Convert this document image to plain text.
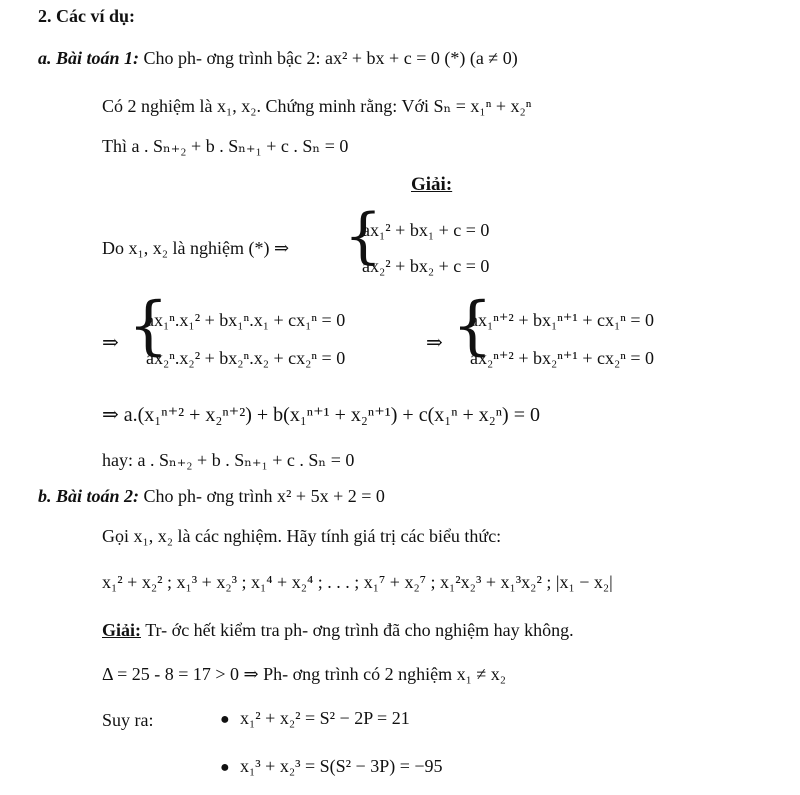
2. Các ví dụ:
a. Bài toán 1: Cho ph- ơng trình bậc 2: ax² + bx + c = 0 (*) (a ≠ 0)
Có 2 nghiệm là x₁, x₂. Chứng minh rằng: Với Sₙ = x₁ⁿ + x₂ⁿ
Thì a . Sₙ₊₂ + b . Sₙ₊₁ + c . Sₙ = 0
Giải:
Do x₁, x₂ là nghiệm (*) ⇒ {
ax₁² + bx₁ + c = 0
ax₂² + bx₂ + c = 0
⇒ {
ax₁ⁿ.x₁² + bx₁ⁿ.x₁ + cx₁ⁿ = 0
ax₂ⁿ.x₂² + bx₂ⁿ.x₂ + cx₂ⁿ = 0
⇒ {
ax₁ⁿ⁺² + bx₁ⁿ⁺¹ + cx₁ⁿ = 0
ax₂ⁿ⁺² + bx₂ⁿ⁺¹ + cx₂ⁿ = 0
⇒ a.(x₁ⁿ⁺² + x₂ⁿ⁺²) + b(x₁ⁿ⁺¹ + x₂ⁿ⁺¹) + c(x₁ⁿ + x₂ⁿ) = 0
hay: a . Sₙ₊₂ + b . Sₙ₊₁ + c . Sₙ = 0
b. Bài toán 2: Cho ph- ơng trình x² + 5x + 2 = 0
Gọi x₁, x₂ là các nghiệm. Hãy tính giá trị các biểu thức:
x₁² + x₂² ; x₁³ + x₂³ ; x₁⁴ + x₂⁴ ; . . . ; x₁⁷ + x₂⁷ ; x₁²x₂³ + x₁³x₂² ; |x₁ − x₂|
Giải: Tr- ớc hết kiểm tra ph- ơng trình đã cho nghiệm hay không.
Δ = 25 - 8 = 17 > 0 ⇒ Ph- ơng trình có 2 nghiệm x₁ ≠ x₂
Suy ra:	● x₁² + x₂² = S² − 2P = 21
● x₁³ + x₂³ = S(S² − 3P) = −95
